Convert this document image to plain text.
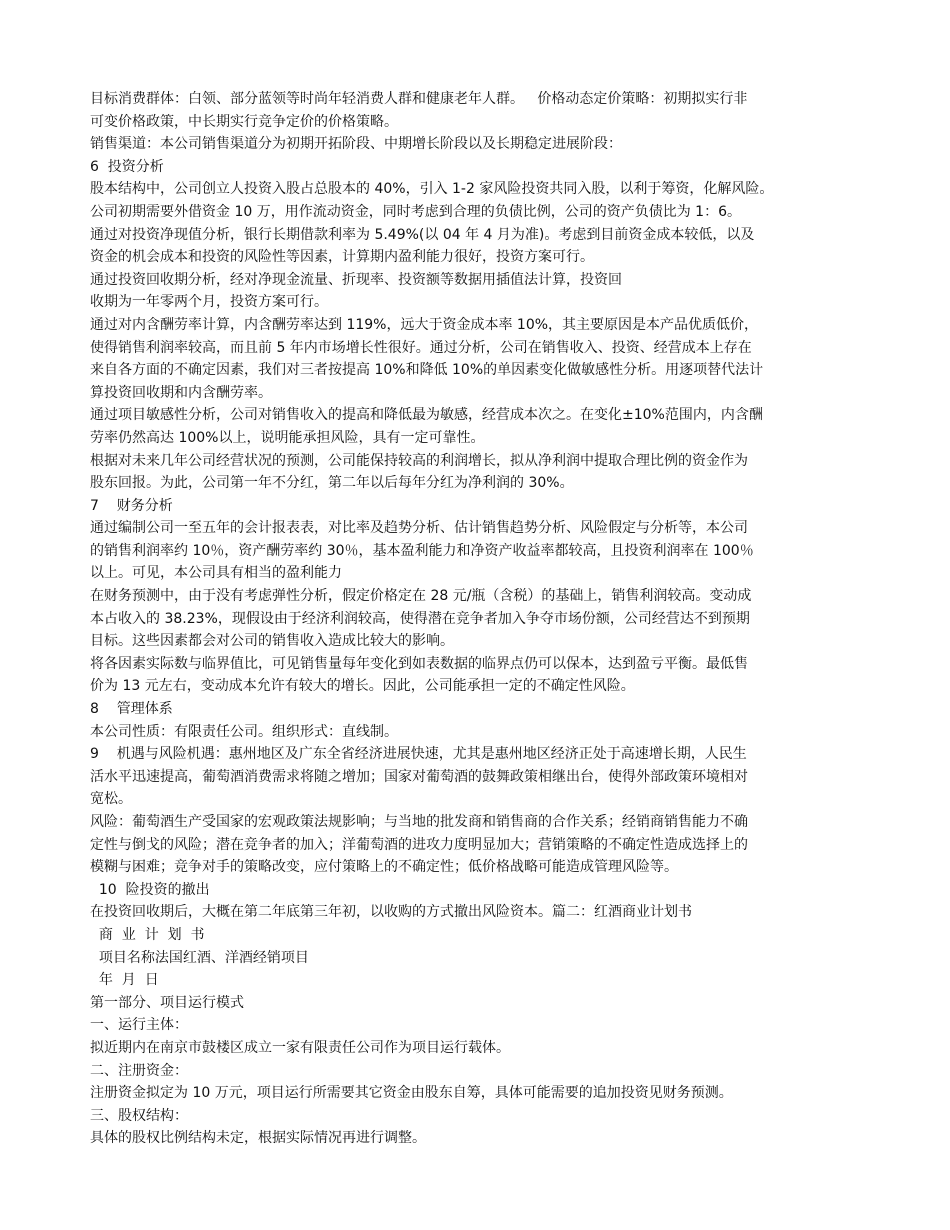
目标消费群体：白领、部分蓝领等时尚年轻消费人群和健康老年人群。   价格动态定价策略：初期拟实行非
可变价格政策，中长期实行竞争定价的价格策略。
销售渠道：本公司销售渠道分为初期开拓阶段、中期增长阶段以及长期稳定进展阶段：
6  投资分析
股本结构中，公司创立人投资入股占总股本的 40%，引入 1-2 家风险投资共同入股，以利于筹资，化解风险。
公司初期需要外借资金 10 万，用作流动资金，同时考虑到合理的负债比例，公司的资产负债比为 1：6。
通过对投资净现值分析，银行长期借款利率为 5.49%(以 04 年 4 月为准)。考虑到目前资金成本较低，以及
资金的机会成本和投资的风险性等因素，计算期内盈利能力很好，投资方案可行。
通过投资回收期分析，经对净现金流量、折现率、投资额等数据用插值法计算，投资回
收期为一年零两个月，投资方案可行。
通过对内含酬劳率计算，内含酬劳率达到 119%，远大于资金成本率 10%，其主要原因是本产品优质低价，
使得销售利润率较高，而且前 5 年内市场增长性很好。通过分析，公司在销售收入、投资、经营成本上存在
来自各方面的不确定因素，我们对三者按提高 10%和降低 10%的单因素变化做敏感性分析。用逐项替代法计
算投资回收期和内含酬劳率。
通过项目敏感性分析，公司对销售收入的提高和降低最为敏感，经营成本次之。在变化±10%范围内，内含酬
劳率仍然高达 100%以上，说明能承担风险，具有一定可靠性。
根据对未来几年公司经营状况的预测，公司能保持较高的利润增长，拟从净利润中提取合理比例的资金作为
股东回报。为此，公司第一年不分红，第二年以后每年分红为净利润的 30%。
7    财务分析
通过编制公司一至五年的会计报表表，对比率及趋势分析、估计销售趋势分析、风险假定与分析等，本公司
的销售利润率约 10％，资产酬劳率约 30％，基本盈利能力和净资产收益率都较高，且投资利润率在 100％
以上。可见，本公司具有相当的盈利能力
在财务预测中，由于没有考虑弹性分析，假定价格定在 28 元/瓶（含税）的基础上，销售利润较高。变动成
本占收入的 38.23%，现假设由于经济利润较高，使得潜在竞争者加入争夺市场份额，公司经营达不到预期
目标。这些因素都会对公司的销售收入造成比较大的影响。
将各因素实际数与临界值比，可见销售量每年变化到如表数据的临界点仍可以保本，达到盈亏平衡。最低售
价为 13 元左右，变动成本允许有较大的增长。因此，公司能承担一定的不确定性风险。
8    管理体系
本公司性质：有限责任公司。组织形式：直线制。
9    机遇与风险机遇：惠州地区及广东全省经济进展快速，尤其是惠州地区经济正处于高速增长期，人民生
活水平迅速提高，葡萄酒消费需求将随之增加；国家对葡萄酒的鼓舞政策相继出台，使得外部政策环境相对
宽松。
风险：葡萄酒生产受国家的宏观政策法规影响；与当地的批发商和销售商的合作关系；经销商销售能力不确
定性与倒戈的风险；潜在竞争者的加入；洋葡萄酒的进攻力度明显加大；营销策略的不确定性造成选择上的
模糊与困难；竞争对手的策略改变，应付策略上的不确定性；低价格战略可能造成管理风险等。
10  险投资的撤出
在投资回收期后，大概在第二年底第三年初，以收购的方式撤出风险资本。篇二：红酒商业计划书
商  业  计  划  书
项目名称法国红酒、洋酒经销项目
年  月  日
第一部分、项目运行模式
一、运行主体：
拟近期内在南京市鼓楼区成立一家有限责任公司作为项目运行载体。
二、注册资金：
注册资金拟定为 10 万元，项目运行所需要其它资金由股东自筹，具体可能需要的追加投资见财务预测。
三、股权结构：
具体的股权比例结构未定，根据实际情况再进行调整。
